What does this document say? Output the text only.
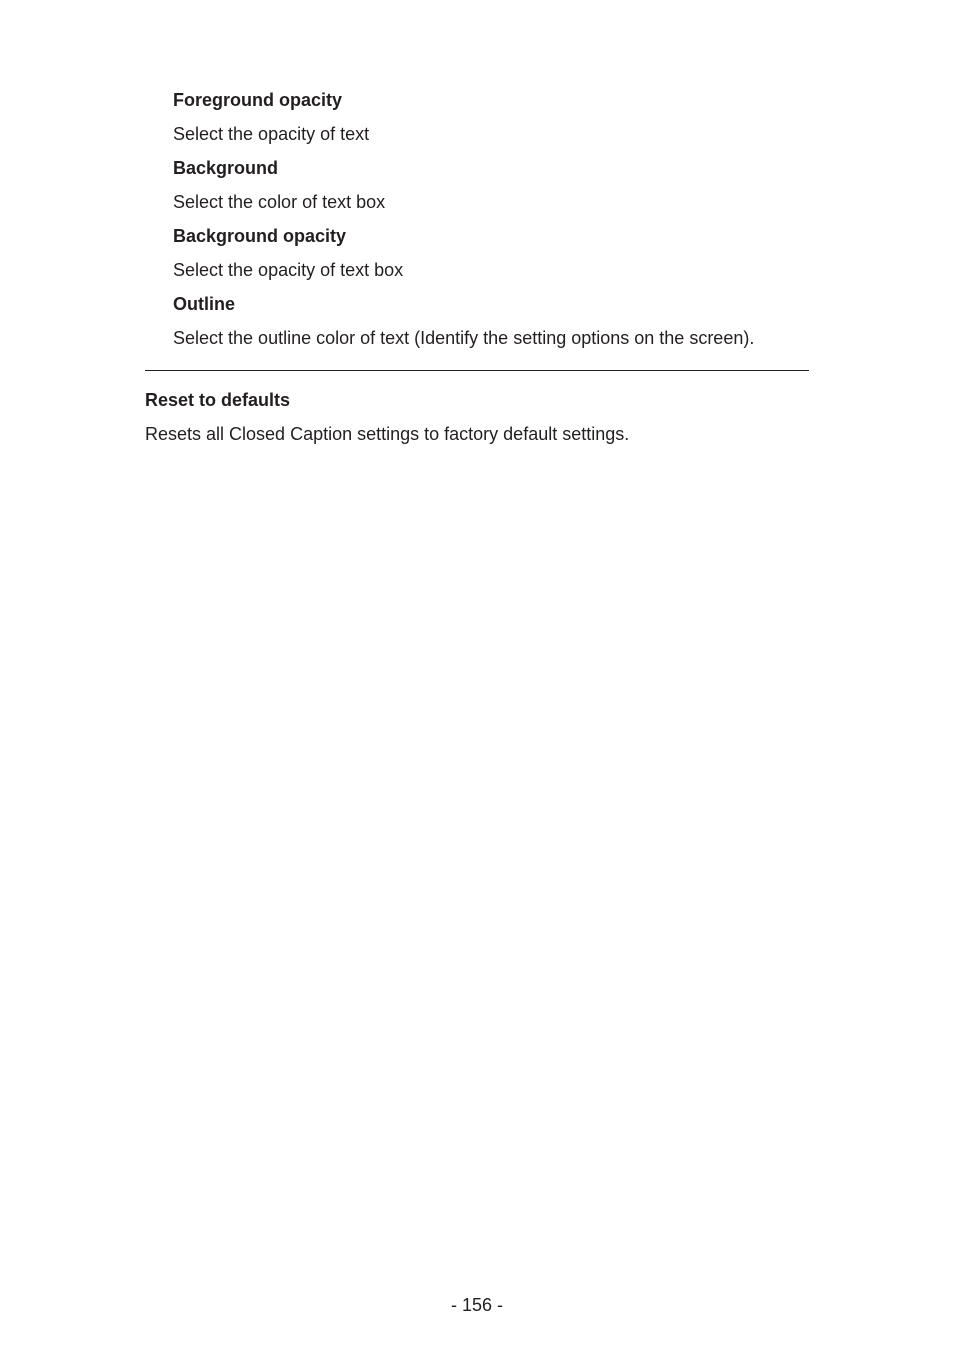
Foreground opacity
Select the opacity of text
Background
Select the color of text box
Background opacity
Select the opacity of text box
Outline
Select the outline color of text (Identify the setting options on the screen).
Reset to defaults
Resets all Closed Caption settings to factory default settings.
- 156 -
